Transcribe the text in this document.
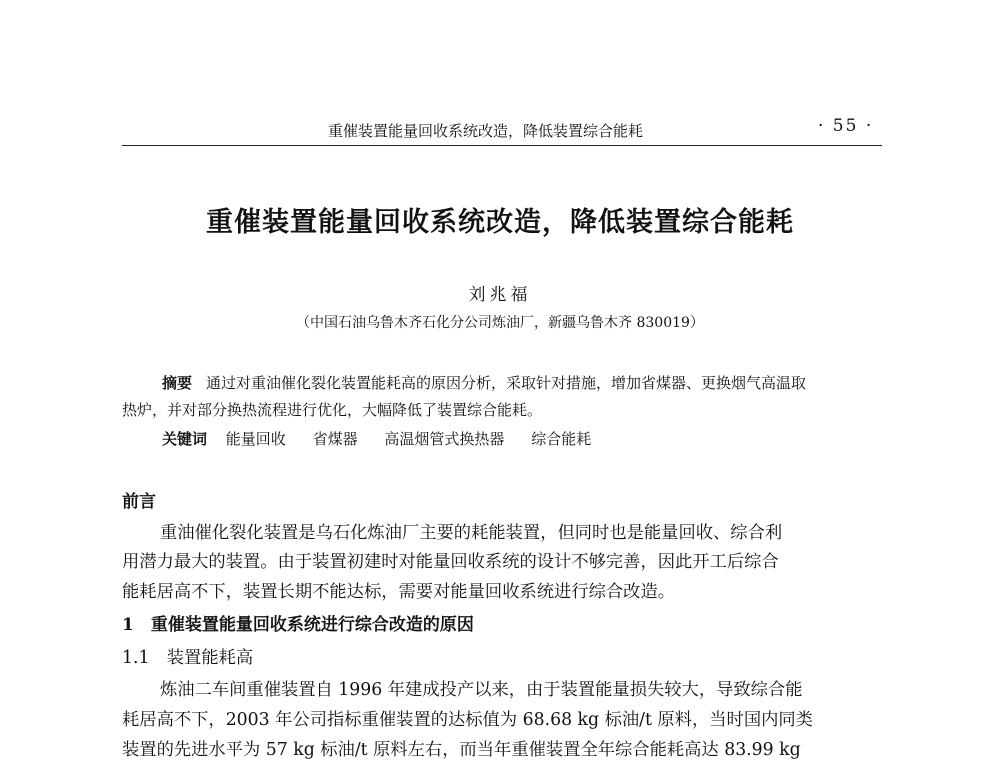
重催装置能量回收系统改造，降低装置综合能耗	· 55 ·
重催装置能量回收系统改造，降低装置综合能耗
刘兆福
（中国石油乌鲁木齐石化分公司炼油厂，新疆乌鲁木齐 830019）
摘要 通过对重油催化裂化装置能耗高的原因分析，采取针对措施，增加省煤器、更换烟气高温取
热炉，并对部分换热流程进行优化，大幅降低了装置综合能耗。
关键词 能量回收 省煤器 高温烟管式换热器 综合能耗
前言
重油催化裂化装置是乌石化炼油厂主要的耗能装置，但同时也是能量回收、综合利
用潜力最大的装置。由于装置初建时对能量回收系统的设计不够完善，因此开工后综合
能耗居高不下，装置长期不能达标，需要对能量回收系统进行综合改造。
1　重催装置能量回收系统进行综合改造的原因
1.1　装置能耗高
炼油二车间重催装置自 1996 年建成投产以来，由于装置能量损失较大，导致综合能
耗居高不下，2003 年公司指标重催装置的达标值为 68.68 kg 标油/t 原料，当时国内同类
装置的先进水平为 57 kg 标油/t 原料左右，而当年重催装置全年综合能耗高达 83.99 kg
